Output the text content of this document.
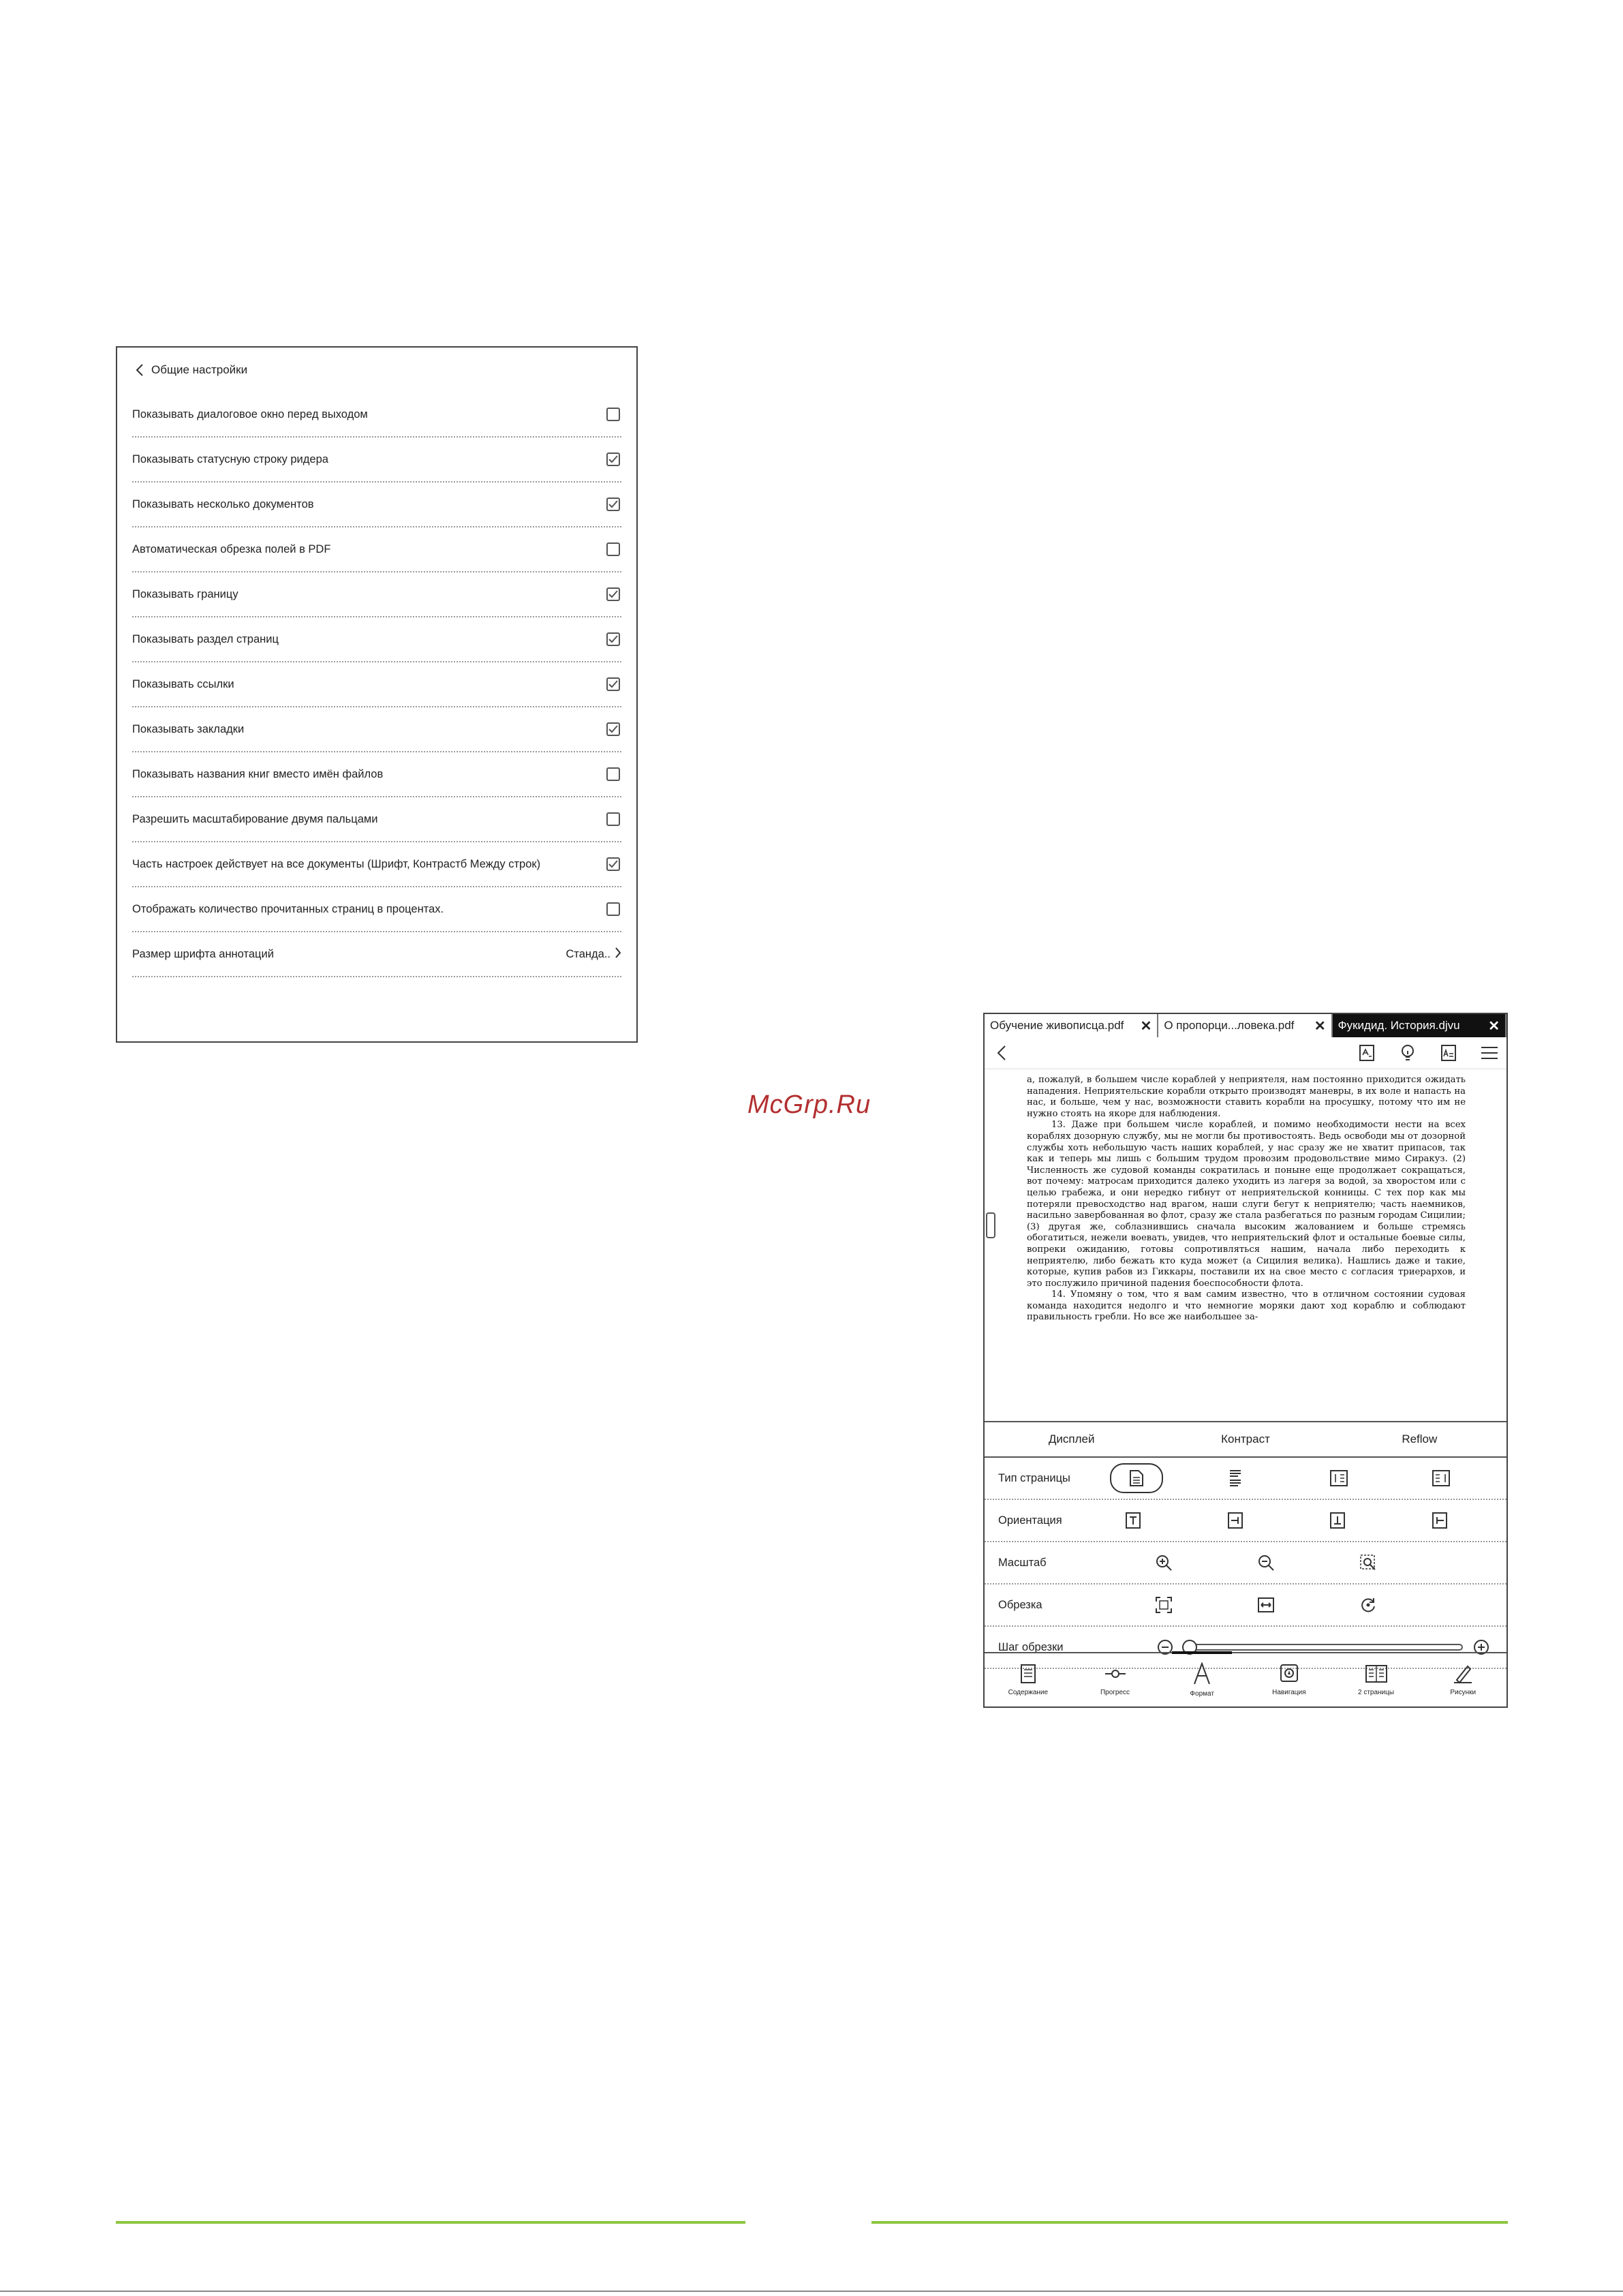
Общие настройки
Показывать диалоговое окно перед выходом
Показывать статусную строку ридера
Показывать несколько документов
Автоматическая обрезка полей в PDF
Показывать границу
Показывать раздел страниц
Показывать ссылки
Показывать закладки
Показывать названия книг вместо имён файлов
Разрешить масштабирование двумя пальцами
Часть настроек действует на все документы (Шрифт, Контрастб Между строк)
Отображать количество прочитанных страниц в процентах.
Размер шрифта аннотаций	Станда..
McGrp.Ru
Обучение живописца.pdf ✕ О пропорци...ловека.pdf ✕ Фукидид. История.djvu ✕

а, пожалуй, в большем числе кораблей у неприятеля, нам постоянно приходится ожидать нападения. Неприятельские корабли открыто производят маневры, в их воле и напасть на нас, и больше, чем у нас, возможности ставить корабли на просушку, потому что им не нужно стоять на якоре для наблюдения.

13. Даже при большем числе кораблей, и помимо необходимости нести на всех кораблях дозорную службу, мы не могли бы противостоять. Ведь освободи мы от дозорной службы хоть небольшую часть наших кораблей, у нас сразу же не хватит припасов, так как и теперь мы лишь с большим трудом провозим продовольствие мимо Сиракуз. (2) Численность же судовой команды сократилась и поныне еще продолжает сокращаться, вот почему: матросам приходится далеко уходить из лагеря за водой, за хворостом или с целью грабежа, и они нередко гибнут от неприятельской конницы. С тех пор как мы потеряли превосходство над врагом, наши слуги бегут к неприятелю; часть наемников, насильно завербованная во флот, сразу же стала разбегаться по разным городам Сицилии; (3) другая же, соблазнившись сначала высоким жалованием и больше стремясь обогатиться, нежели воевать, увидев, что неприятельский флот и остальные боевые силы, вопреки ожиданию, готовы сопротивляться нашим, начала либо переходить к неприятелю, либо бежать кто куда может (а Сицилия велика). Нашлись даже и такие, которые, купив рабов из Гиккары, поставили их на свое место с согласия триерархов, и это послужило причиной падения боеспособности флота.

14. Упомяну о том, что я вам самим известно, что в отличном состоянии судовая команда находится недолго и что немногие моряки дают ход кораблю и соблюдают правильность гребли. Но все же наибольшее за-

Дисплей	Контраст	Reflow
Тип страницы
Ориентация
Масштаб
Обрезка
Шаг обрезки
Содержание	Прогресс	Формат	Навигация	2 страницы	Рисунки
